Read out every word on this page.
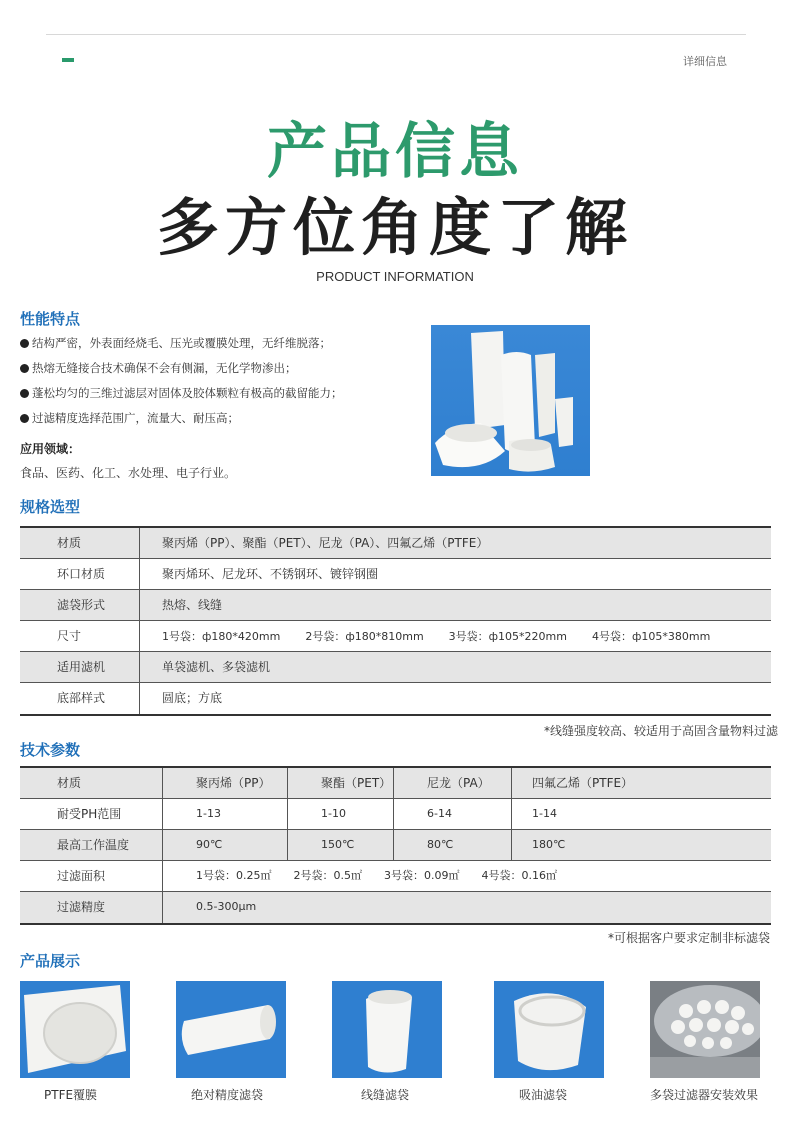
详细信息
产品信息
多方位角度了解
PRODUCT INFORMATION
性能特点
结构严密，外表面经烧毛、压光或覆膜处理，无纤维脱落；
热熔无缝接合技术确保不会有侧漏，无化学物渗出；
蓬松均匀的三维过滤层对固体及胶体颗粒有极高的截留能力；
过滤精度选择范围广，流量大、耐压高；
应用领域：
食品、医药、化工、水处理、电子行业。
规格选型
材质	聚丙烯（PP）、聚酯（PET）、尼龙（PA）、四氟乙烯（PTFE）
环口材质	聚丙烯环、尼龙环、不锈钢环、镀锌钢圈
滤袋形式	热熔、线缝
尺寸	1号袋：ф180*420mm 2号袋：ф180*810mm 3号袋：ф105*220mm 4号袋：ф105*380mm
适用滤机	单袋滤机、多袋滤机
底部样式	圆底；方底
*线缝强度较高、较适用于高固含量物料过滤
技术参数
材质	聚丙烯（PP）	聚酯（PET）	尼龙（PA）	四氟乙烯（PTFE）
耐受PH范围	1-13	1-10	6-14	1-14
最高工作温度	90℃	150℃	80℃	180℃
过滤面积	1号袋：0.25㎡ 2号袋：0.5㎡ 3号袋：0.09㎡ 4号袋：0.16㎡
过滤精度	0.5-300μm
*可根据客户要求定制非标滤袋
产品展示
PTFE覆膜	绝对精度滤袋	线缝滤袋	吸油滤袋	多袋过滤器安装效果
